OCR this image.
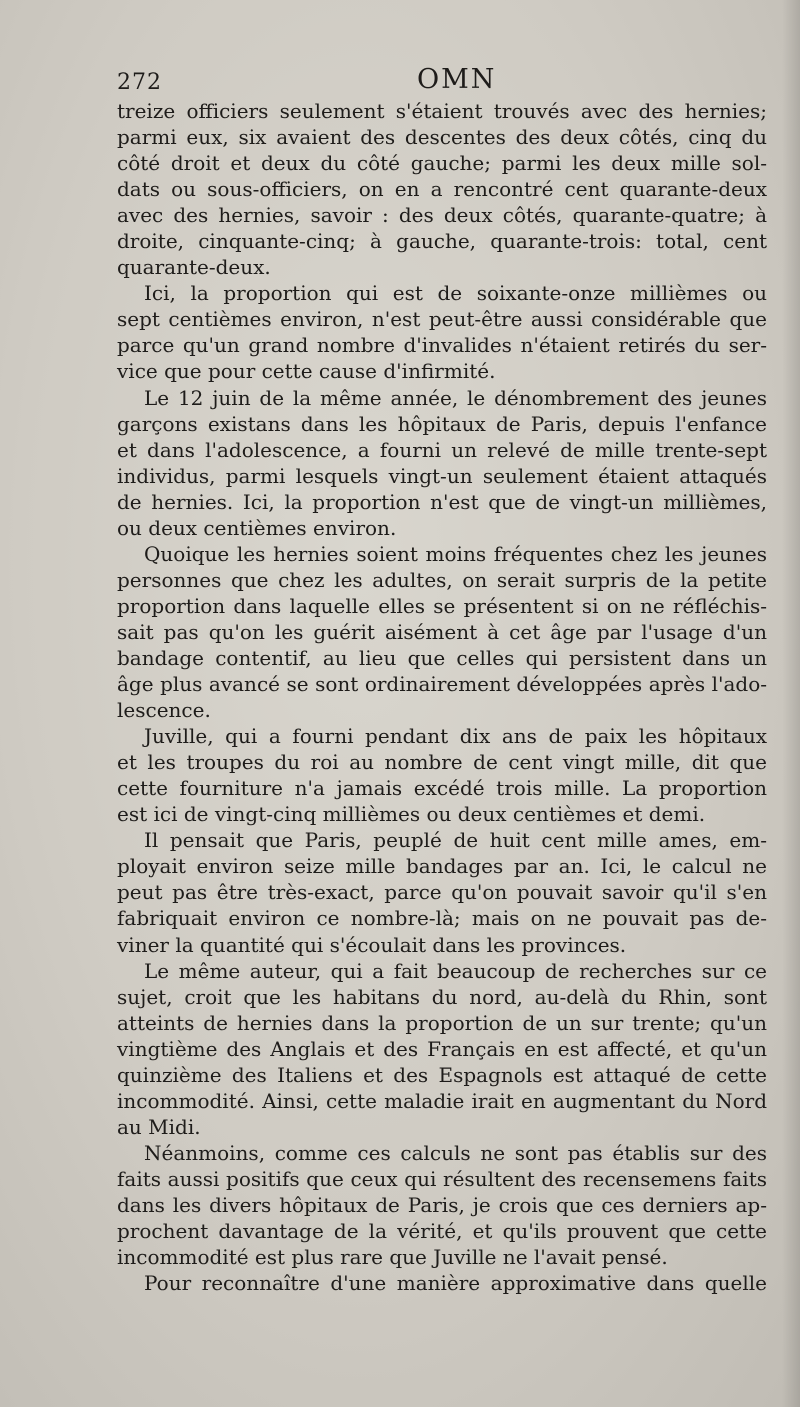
272	OMN
treize officiers seulement s'étaient trouvés avec des hernies;
parmi eux, six avaient des descentes des deux côtés, cinq du
côté droit et deux du côté gauche; parmi les deux mille sol-
dats ou sous-officiers, on en a rencontré cent quarante-deux
avec des hernies, savoir : des deux côtés, quarante-quatre; à
droite, cinquante-cinq; à gauche, quarante-trois: total, cent
quarante-deux.
Ici, la proportion qui est de soixante-onze millièmes ou
sept centièmes environ, n'est peut-être aussi considérable que
parce qu'un grand nombre d'invalides n'étaient retirés du ser-
vice que pour cette cause d'infirmité.
Le 12 juin de la même année, le dénombrement des jeunes
garçons existans dans les hôpitaux de Paris, depuis l'enfance
et dans l'adolescence, a fourni un relevé de mille trente-sept
individus, parmi lesquels vingt-un seulement étaient attaqués
de hernies. Ici, la proportion n'est que de vingt-un millièmes,
ou deux centièmes environ.
Quoique les hernies soient moins fréquentes chez les jeunes
personnes que chez les adultes, on serait surpris de la petite
proportion dans laquelle elles se présentent si on ne réfléchis-
sait pas qu'on les guérit aisément à cet âge par l'usage d'un
bandage contentif, au lieu que celles qui persistent dans un
âge plus avancé se sont ordinairement développées après l'ado-
lescence.
Juville, qui a fourni pendant dix ans de paix les hôpitaux
et les troupes du roi au nombre de cent vingt mille, dit que
cette fourniture n'a jamais excédé trois mille. La proportion
est ici de vingt-cinq millièmes ou deux centièmes et demi.
Il pensait que Paris, peuplé de huit cent mille ames, em-
ployait environ seize mille bandages par an. Ici, le calcul ne
peut pas être très-exact, parce qu'on pouvait savoir qu'il s'en
fabriquait environ ce nombre-là; mais on ne pouvait pas de-
viner la quantité qui s'écoulait dans les provinces.
Le même auteur, qui a fait beaucoup de recherches sur ce
sujet, croit que les habitans du nord, au-delà du Rhin, sont
atteints de hernies dans la proportion de un sur trente; qu'un
vingtième des Anglais et des Français en est affecté, et qu'un
quinzième des Italiens et des Espagnols est attaqué de cette
incommodité. Ainsi, cette maladie irait en augmentant du Nord
au Midi.
Néanmoins, comme ces calculs ne sont pas établis sur des
faits aussi positifs que ceux qui résultent des recensemens faits
dans les divers hôpitaux de Paris, je crois que ces derniers ap-
prochent davantage de la vérité, et qu'ils prouvent que cette
incommodité est plus rare que Juville ne l'avait pensé.
Pour reconnaître d'une manière approximative dans quelle
